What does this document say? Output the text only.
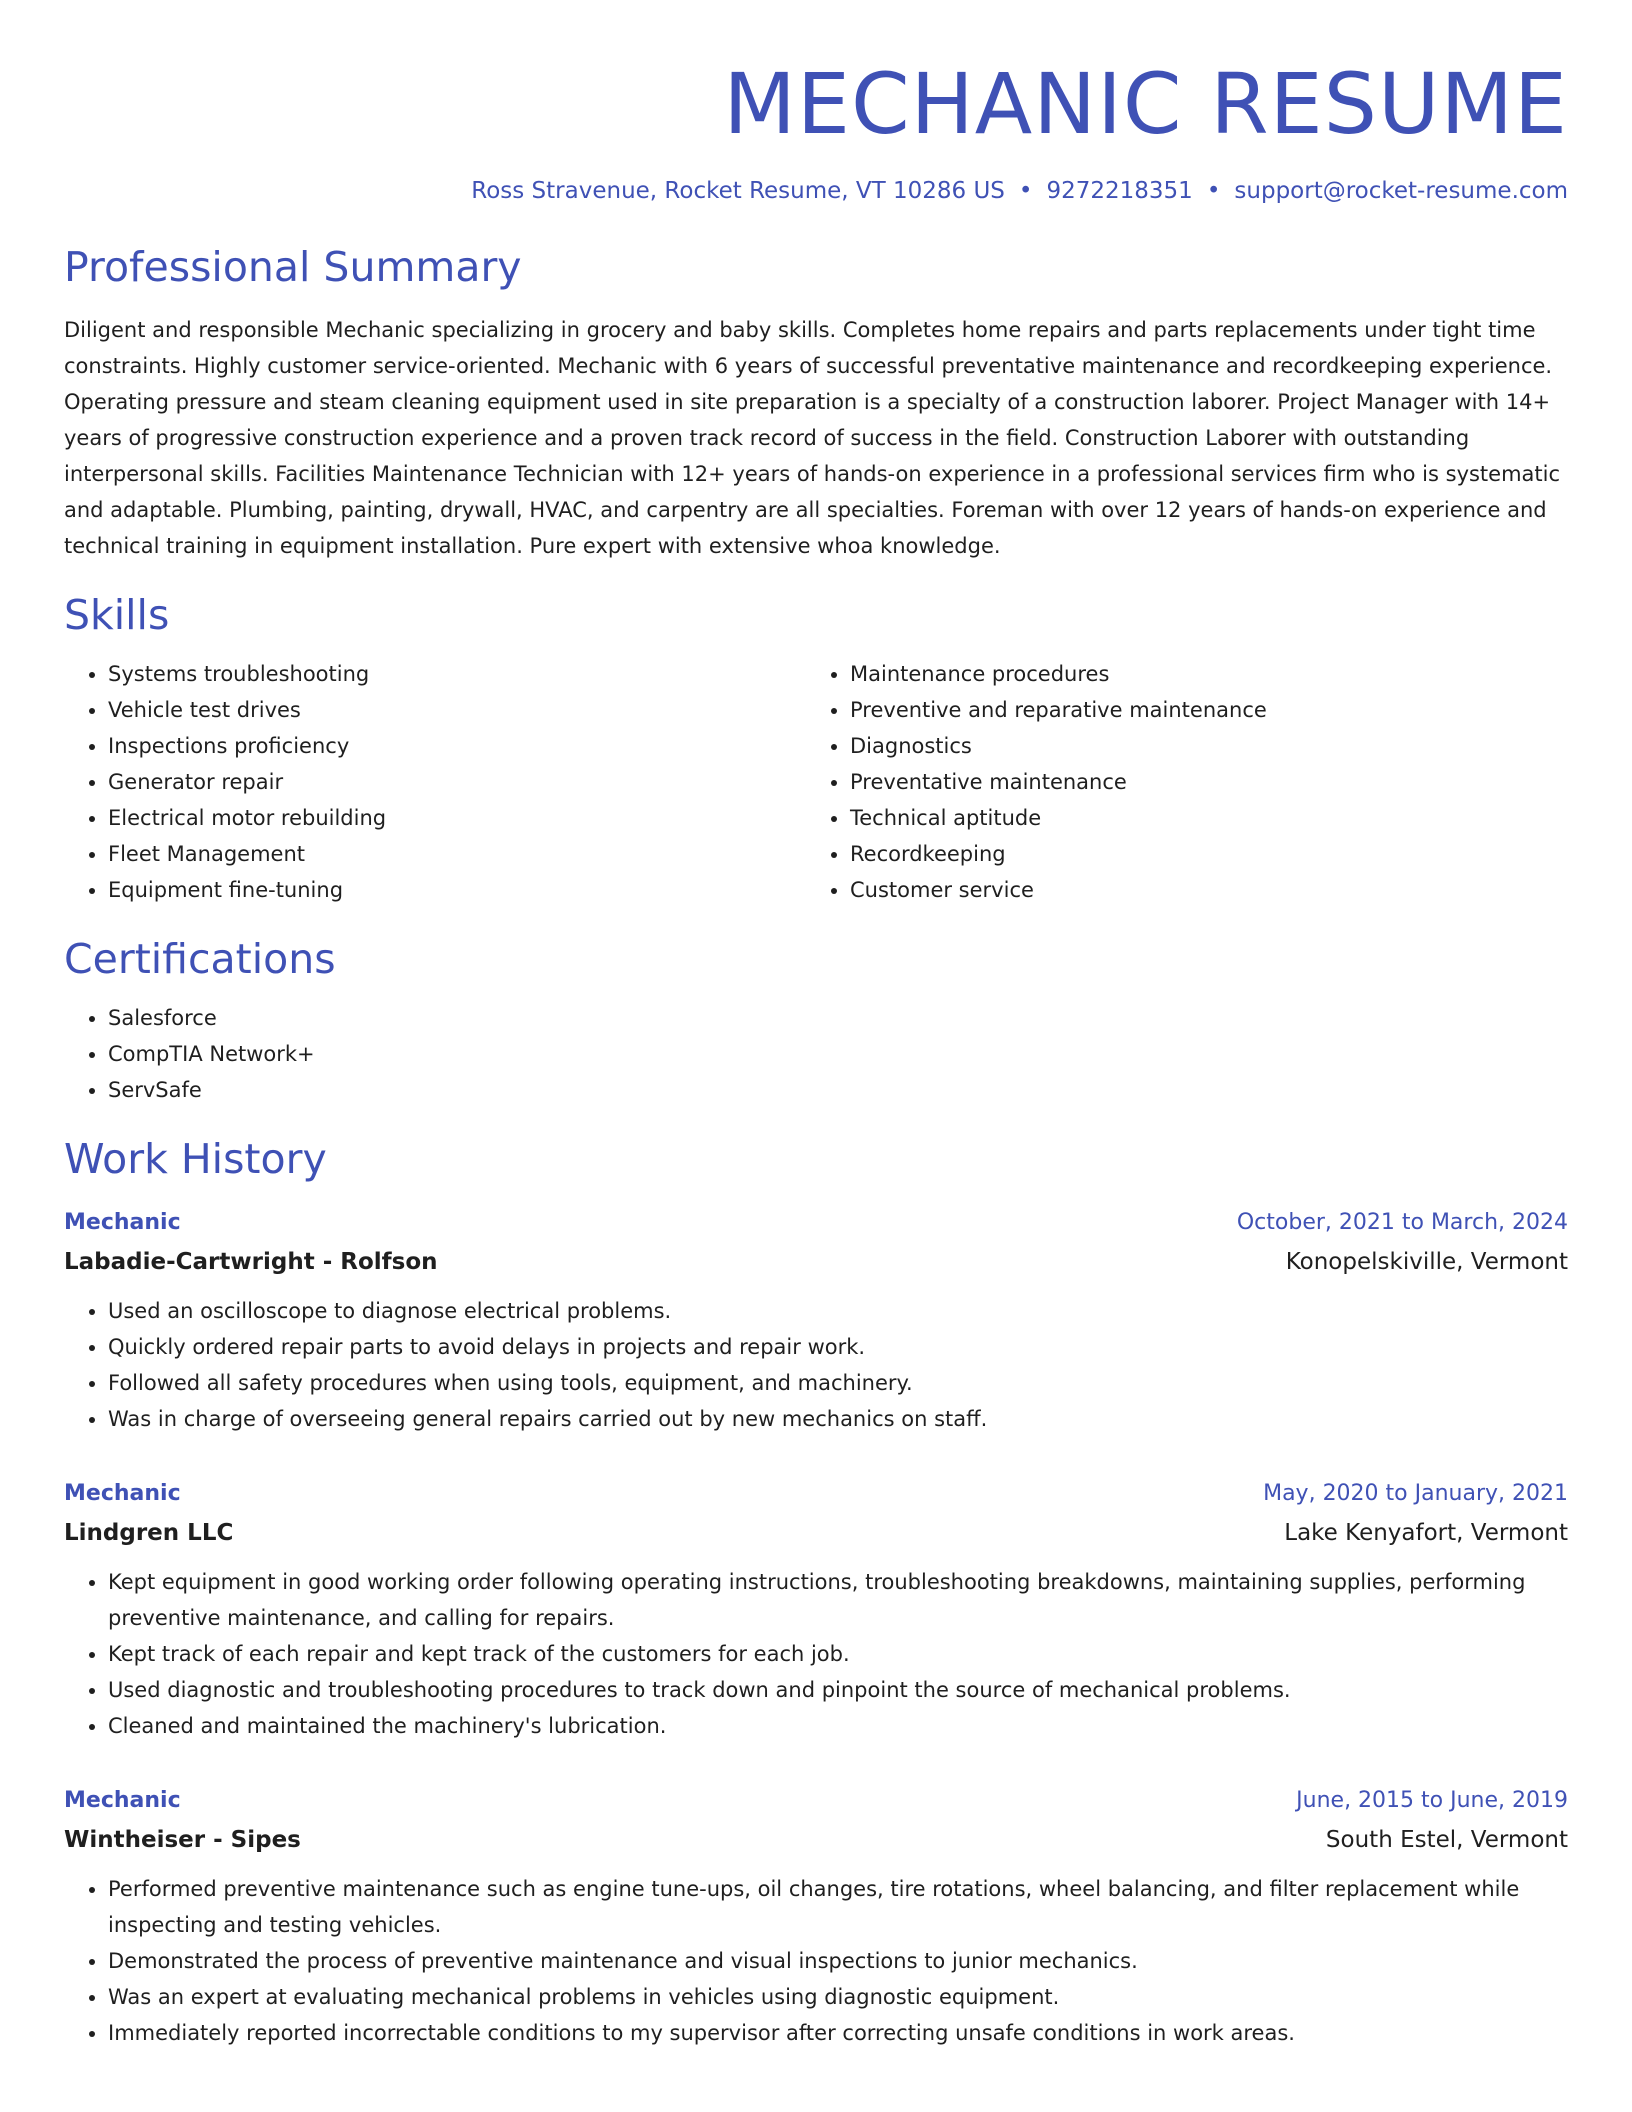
MECHANIC RESUME
Ross Stravenue, Rocket Resume, VT 10286 US • 9272218351 • support@rocket-resume.com
Professional Summary

Diligent and responsible Mechanic specializing in grocery and baby skills. Completes home repairs and parts replacements under tight time constraints. Highly customer service-oriented. Mechanic with 6 years of successful preventative maintenance and recordkeeping experience. Operating pressure and steam cleaning equipment used in site preparation is a specialty of a construction laborer. Project Manager with 14+ years of progressive construction experience and a proven track record of success in the field. Construction Laborer with outstanding interpersonal skills. Facilities Maintenance Technician with 12+ years of hands-on experience in a professional services firm who is systematic and adaptable. Plumbing, painting, drywall, HVAC, and carpentry are all specialties. Foreman with over 12 years of hands-on experience and technical training in equipment installation. Pure expert with extensive whoa knowledge.

Skills
• Systems troubleshooting
• Vehicle test drives
• Inspections proficiency
• Generator repair
• Electrical motor rebuilding
• Fleet Management
• Equipment fine-tuning
• Maintenance procedures
• Preventive and reparative maintenance
• Diagnostics
• Preventative maintenance
• Technical aptitude
• Recordkeeping
• Customer service
Certifications
• Salesforce
• CompTIA Network+
• ServSafe
Work History
Mechanic	October, 2021 to March, 2024
Labadie-Cartwright - Rolfson	Konopelskiville, Vermont
• Used an oscilloscope to diagnose electrical problems.
• Quickly ordered repair parts to avoid delays in projects and repair work.
• Followed all safety procedures when using tools, equipment, and machinery.
• Was in charge of overseeing general repairs carried out by new mechanics on staff.
Mechanic	May, 2020 to January, 2021
Lindgren LLC	Lake Kenyafort, Vermont
• Kept equipment in good working order following operating instructions, troubleshooting breakdowns, maintaining supplies, performing preventive maintenance, and calling for repairs.
• Kept track of each repair and kept track of the customers for each job.
• Used diagnostic and troubleshooting procedures to track down and pinpoint the source of mechanical problems.
• Cleaned and maintained the machinery's lubrication.
Mechanic	June, 2015 to June, 2019
Wintheiser - Sipes	South Estel, Vermont
• Performed preventive maintenance such as engine tune-ups, oil changes, tire rotations, wheel balancing, and filter replacement while inspecting and testing vehicles.
• Demonstrated the process of preventive maintenance and visual inspections to junior mechanics.
• Was an expert at evaluating mechanical problems in vehicles using diagnostic equipment.
• Immediately reported incorrectable conditions to my supervisor after correcting unsafe conditions in work areas.
